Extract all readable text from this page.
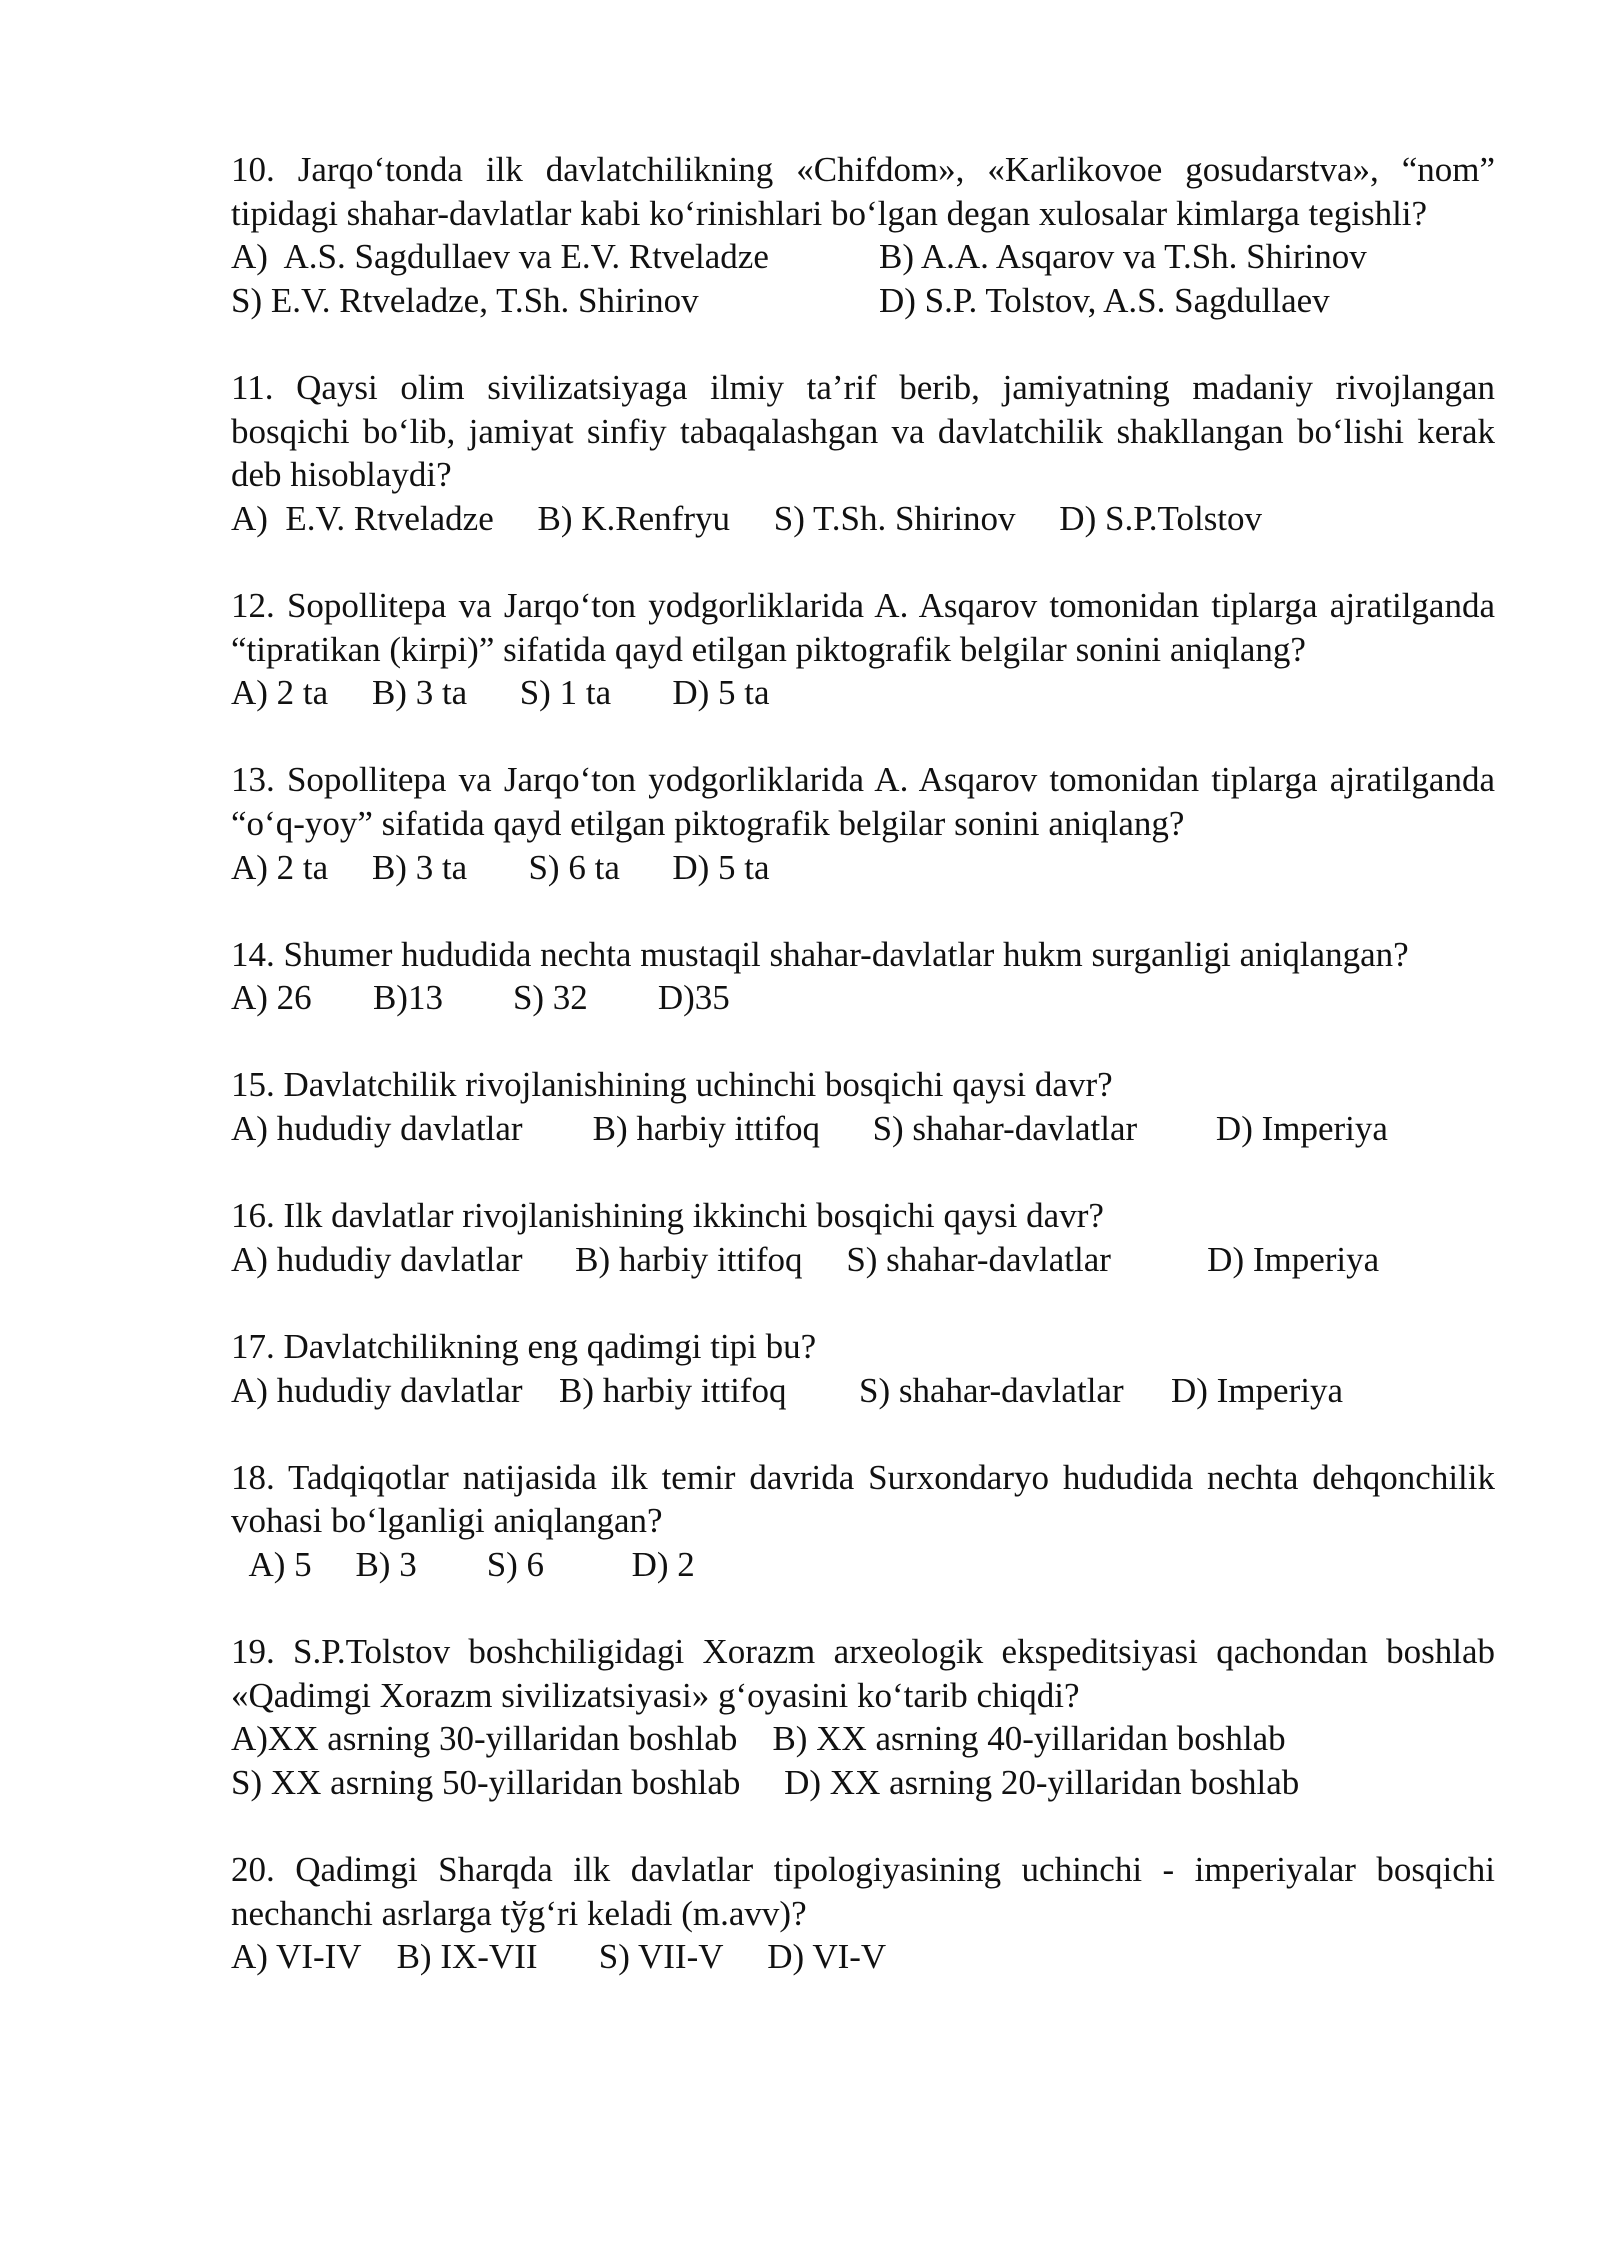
10. Jarqo‘tonda ilk davlatchilikning «Chifdom», «Karlikovoe gosudarstva», “nom” tipidagi shahar-davlatlar kabi ko‘rinishlari bo‘lgan degan xulosalar kimlarga tegishli?

A)  A.S. Sagdullaev va E.V. Rtveladze	B) A.A. Asqarov va T.Sh. Shirinov
S) E.V. Rtveladze, T.Sh. Shirinov	D) S.P. Tolstov, A.S. Sagdullaev

11. Qaysi olim sivilizatsiyaga ilmiy ta’rif berib, jamiyatning madaniy rivojlangan bosqichi bo‘lib, jamiyat sinfiy tabaqalashgan va davlatchilik shakllangan bo‘lishi kerak deb hisoblaydi?

A)  E.V. Rtveladze
B) K.Renfryu
S) T.Sh. Shirinov
D) S.P.Tolstov

12. Sopollitepa va Jarqo‘ton yodgorliklarida A. Asqarov tomonidan tiplarga ajratilganda “tipratikan (kirpi)” sifatida qayd etilgan piktografik belgilar sonini aniqlang?

A) 2 ta
B) 3 ta
S) 1 ta
D) 5 ta

13. Sopollitepa va Jarqo‘ton yodgorliklarida A. Asqarov tomonidan tiplarga ajratilganda “o‘q-yoy” sifatida qayd etilgan piktografik belgilar sonini aniqlang?

A) 2 ta
B) 3 ta
S) 6 ta
D) 5 ta

14. Shumer hududida nechta mustaqil shahar-davlatlar hukm surganligi aniqlangan?

A) 26
B)13
S) 32
D)35

15. Davlatchilik rivojlanishining uchinchi bosqichi qaysi davr?

A) hududiy davlatlar
B) harbiy ittifoq
S) shahar-davlatlar
D) Imperiya

16. Ilk davlatlar rivojlanishining ikkinchi bosqichi qaysi davr?

A) hududiy davlatlar
B) harbiy ittifoq
S) shahar-davlatlar
	D) Imperiya

17. Davlatchilikning eng qadimgi tipi bu?

A) hududiy davlatlar	B) harbiy ittifoq	S) shahar-davlatlar	D) Imperiya

18. Tadqiqotlar natijasida ilk temir davrida Surxondaryo hududida nechta dehqonchilik vohasi bo‘lganligi aniqlangan?

A) 5
B) 3
S) 6
	D) 2

19. S.P.Tolstov boshchiligidagi Xorazm arxeologik ekspeditsiyasi qachondan boshlab «Qadimgi Xorazm sivilizatsiyasi» g‘oyasini ko‘tarib chiqdi?

A)XX asrning 30-yillaridan boshlab
B) XX asrning 40-yillaridan boshlab
S) XX asrning 50-yillaridan boshlab
D) XX asrning 20-yillaridan boshlab

20. Qadimgi Sharqda ilk davlatlar tipologiyasining uchinchi - imperiyalar bosqichi nechanchi asrlarga tўg‘ri keladi (m.avv)?

A) VI-IV
B) IX-VII
S) VII-V
D) VI-V
